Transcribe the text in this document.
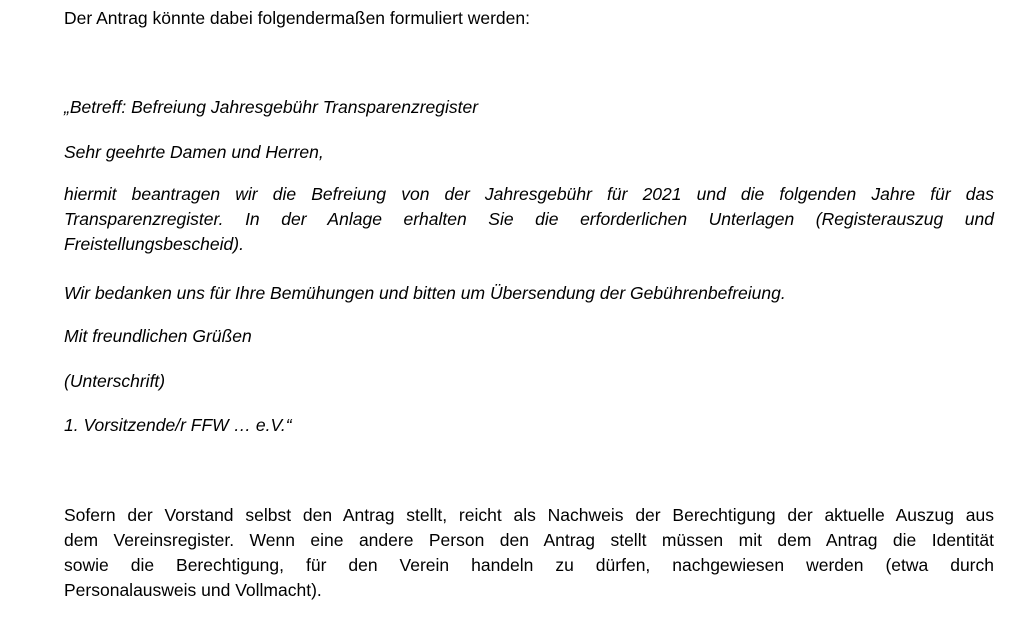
Der Antrag könnte dabei folgendermaßen formuliert werden:

„Betreff: Befreiung Jahresgebühr Transparenzregister

Sehr geehrte Damen und Herren,

hiermit beantragen wir die Befreiung von der Jahresgebühr für 2021 und die folgenden Jahre für das
Transparenzregister. In der Anlage erhalten Sie die erforderlichen Unterlagen (Registerauszug und
Freistellungsbescheid).

Wir bedanken uns für Ihre Bemühungen und bitten um Übersendung der Gebührenbefreiung.

Mit freundlichen Grüßen

(Unterschrift)

1. Vorsitzende/r FFW … e.V.“

Sofern der Vorstand selbst den Antrag stellt, reicht als Nachweis der Berechtigung der aktuelle Auszug aus
dem Vereinsregister. Wenn eine andere Person den Antrag stellt müssen mit dem Antrag die Identität
sowie die Berechtigung, für den Verein handeln zu dürfen, nachgewiesen werden (etwa durch
Personalausweis und Vollmacht).
